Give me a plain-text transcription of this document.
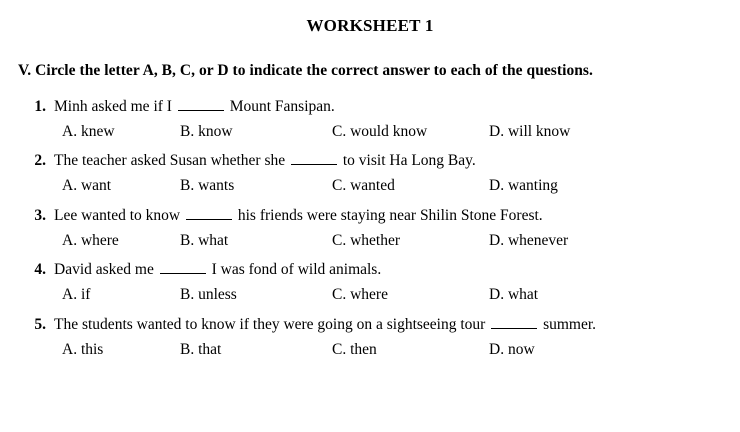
WORKSHEET 1
V. Circle the letter A, B, C, or D to indicate the correct answer to each of the questions.
1. Minh asked me if I	Mount Fansipan.
A. knew	B. know	C. would know	D. will know
2. The teacher asked Susan whether she	to visit Ha Long Bay.
A. want	B. wants	C. wanted	D. wanting
3. Lee wanted to know	his friends were staying near Shilin Stone Forest.
A. where	B. what	C. whether	D. whenever
4. David asked me	I was fond of wild animals.
A. if	B. unless	C. where	D. what
5. The students wanted to know if they were going on a sightseeing tour	summer.
A. this	B. that	C. then	D. now
